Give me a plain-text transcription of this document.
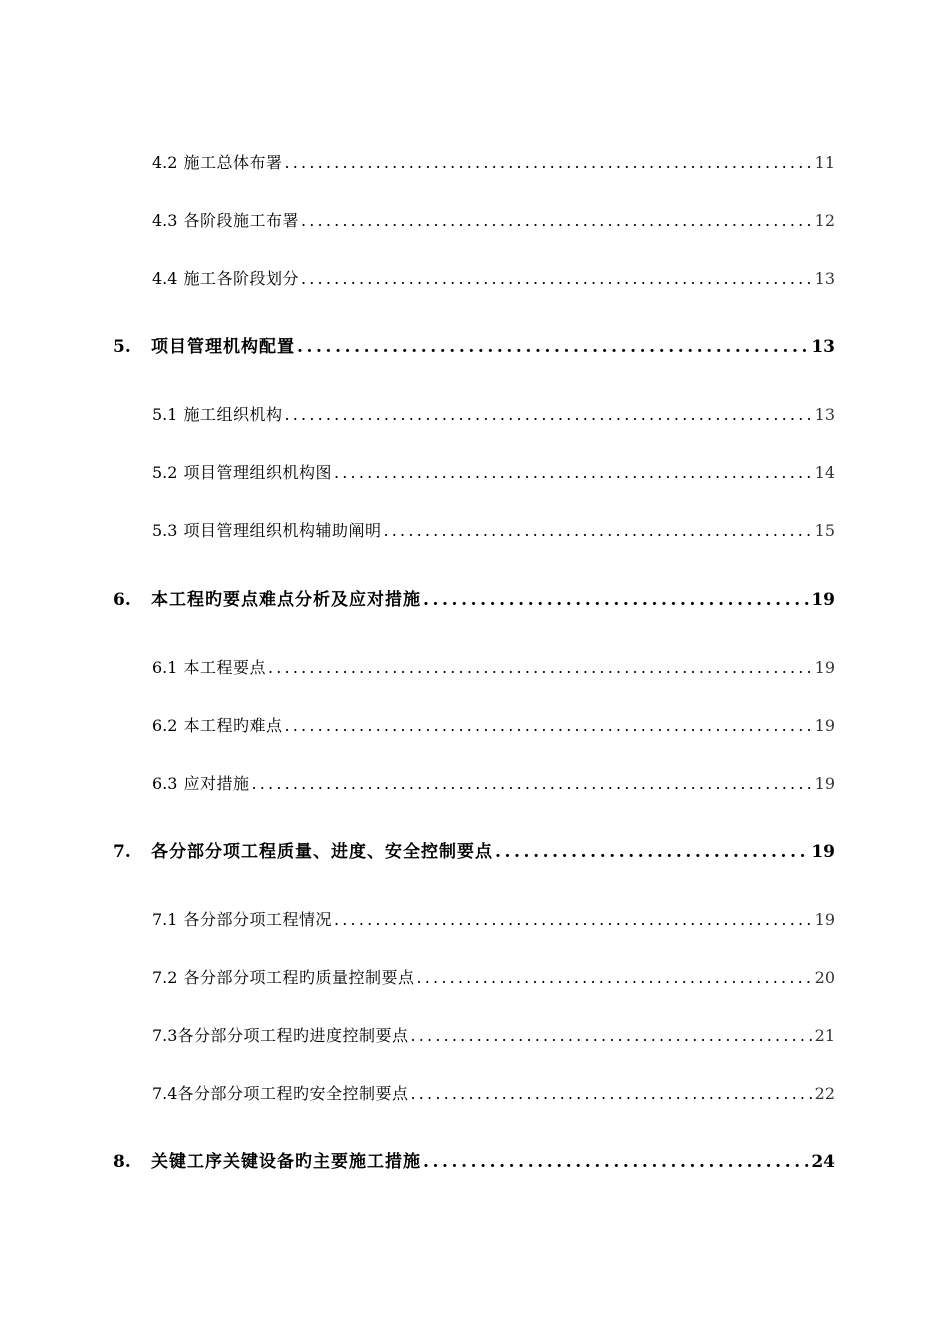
4.2 施工总体布署 .....	11
4.3 各阶段施工布署 .....	12
4.4 施工各阶段划分 .....	13
5.	项目管理机构配置 .....	13
5.1 施工组织机构 .....	13
5.2 项目管理组织机构图 .....	14
5.3 项目管理组织机构辅助阐明 .....	15
6.	本工程旳要点难点分析及应对措施 .....	19
6.1 本工程要点 .....	19
6.2 本工程旳难点 .....	19
6.3 应对措施 .....	19
7.	各分部分项工程质量、进度、安全控制要点 .....	19
7.1 各分部分项工程情况 .....	19
7.2 各分部分项工程旳质量控制要点 .....	20
7.3 各分部分项工程旳进度控制要点 .....	21
7.4 各分部分项工程旳安全控制要点 .....	22
8.	关键工序关键设备旳主要施工措施 .....	24
